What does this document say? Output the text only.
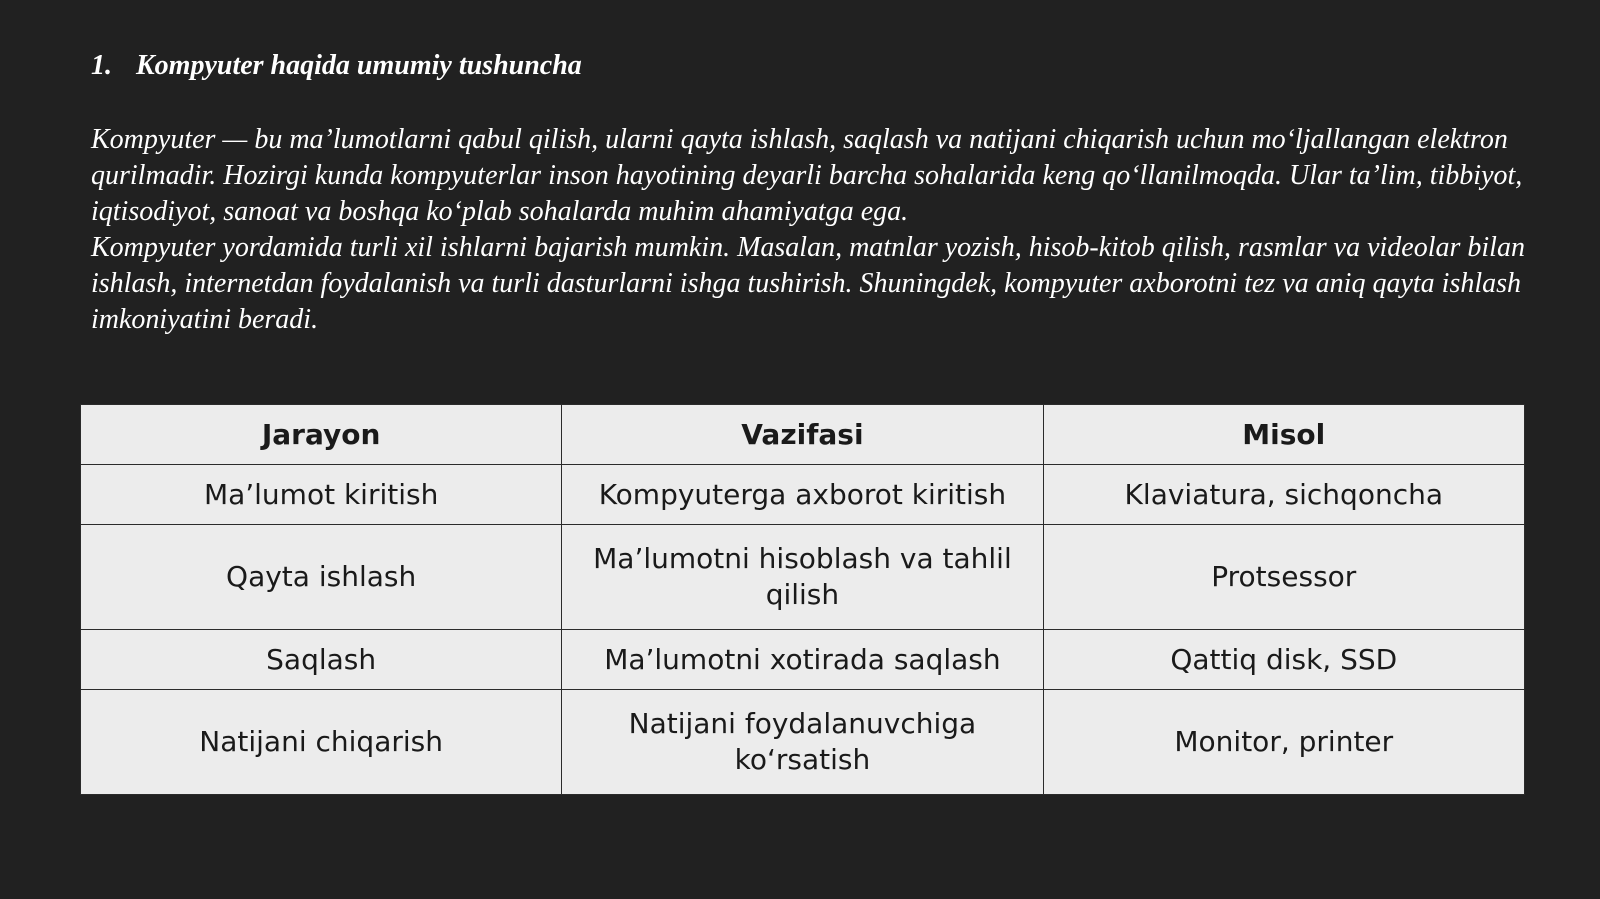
1. Kompyuter haqida umumiy tushuncha

Kompyuter — bu ma’lumotlarni qabul qilish, ularni qayta ishlash, saqlash va natijani chiqarish uchun mo‘ljallangan elektron qurilmadir. Hozirgi kunda kompyuterlar inson hayotining deyarli barcha sohalarida keng qo‘llanilmoqda. Ular ta’lim, tibbiyot, iqtisodiyot, sanoat va boshqa ko‘plab sohalarda muhim ahamiyatga ega.

Kompyuter yordamida turli xil ishlarni bajarish mumkin. Masalan, matnlar yozish, hisob-kitob qilish, rasmlar va videolar bilan ishlash, internetdan foydalanish va turli dasturlarni ishga tushirish. Shuningdek, kompyuter axborotni tez va aniq qayta ishlash imkoniyatini beradi.

Jarayon	Vazifasi	Misol
Ma’lumot kiritish	Kompyuterga axborot kiritish	Klaviatura, sichqoncha
Qayta ishlash	Ma’lumotni hisoblash va tahlil qilish	Protsessor
Saqlash	Ma’lumotni xotirada saqlash	Qattiq disk, SSD
Natijani chiqarish	Natijani foydalanuvchiga ko‘rsatish	Monitor, printer
